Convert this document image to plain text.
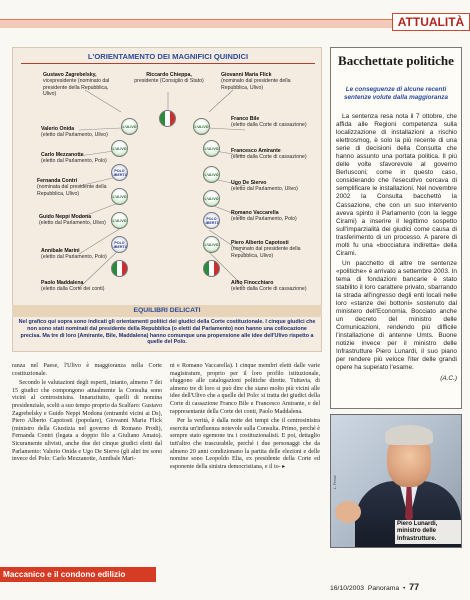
ATTUALITÀ
L'ORIENTAMENTO DEI MAGNIFICI QUINDICI
Gustavo Zagrebelsky,
vicepresidente (nominato dal presidente della Repubblica, Ulivo)
Riccardo Chieppa,
presidente (Consiglio di Stato)
Giovanni Maria Flick
(nominato dal presidente della Repubblica, Ulivo)
Valerio Onida
(eletto dal Parlamento, Ulivo)
Carlo Mezzanotte
(eletto dal Parlamento, Polo)
Fernanda Contri
(nominata dal presidente della Repubblica, Ulivo)
Guido Neppi Modona
(eletto dal Parlamento, Ulivo)
Annibale Marini
(eletto dal Parlamento, Polo)
Paolo Maddalena
(eletto dalla Corte dei conti)
Franco Bile
(eletto dalla Corte di cassazione)
Francesco Amirante
(eletto dalla Corte di cassazione)
Ugo De Siervo
(eletto dal Parlamento, Ulivo)
Romano Vaccarella
(eletto dal Parlamento, Polo)
Piero Alberto Capotosti
(nominato dal presidente della Repubblica, Ulivo)
Alfio Finocchiaro
(eletto dalla Corte di cassazione)
L'ULIVO	L'ULIVO
L'ULIVO	L'ULIVO
POLO LIBERTÀ	L'ULIVO
L'ULIVO	L'ULIVO
L'ULIVO	POLO LIBERTÀ
POLO LIBERTÀ	L'ULIVO
EQUILIBRI DELICATI
Nel grafico qui sopra sono indicati gli orientamenti politici dei giudici della Corte costituzionale. I cinque giudici che non sono stati nominati dal presidente della Repubblica (o eletti dal Parlamento) non hanno una collocazione precisa. Ma tre di loro (Amirante, Bile, Maddalena) hanno comunque una propensione alle idee dell'Ulivo rispetto a quelle del Polo.

ranza nel Paese, l'Ulivo è maggioranza nella Corte costituzionale.

Secondo le valutazioni degli esperti, intanto, almeno 7 dei 15 giudici che compongono attualmente la Consulta sono vicini al centrosinistra. Innanzitutto, quelli di nomina presidenziale, scelti a suo tempo proprio da Scalfaro: Gustavo Zagrebelsky e Guido Neppi Modona (entrambi vicini ai Ds), Piero Alberto Capotosti (popolare), Giovanni Maria Flick (ministro della Giustizia nel governo di Romano Prodi), Fernanda Contri (legata a doppio filo a Giuliano Amato). Sicuramente ulivisti, anche due dei cinque giudici eletti dal Parlamento: Valerio Onida e Ugo De Siervo (gli altri tre sono invece del Polo: Carlo Mezzanotte, Annibale Mari-

ni e Romano Vaccarella). I cinque membri eletti dalle varie magistrature, proprio per il loro profilo istituzionale, sfuggono alle catalogazioni politiche dirette. Tuttavia, di almeno tre di loro si può dire che siano molto più vicini alle idee dell'Ulivo che a quelle del Polo: si tratta dei giudici della Corte di cassazione Franco Bile e Francesco Amirante, e del rappresentante della Corte dei conti, Paolo Maddalena.

Per la verità, è dalla notte dei tempi che il centrosinistra esercita un'influenza notevole sulla Consulta. Primo, perché è sempre stato egemone tra i costituzionalisti. E poi, dettaglio tutt'altro che trascurabile, perché i due personaggi che da almeno 20 anni condizionano la partita delle elezioni e delle nomine sono Leopoldo Elia, ex presidente della Corte ed esponente della sinistra democristiana, e il to- ▸

Maccanico e il condono edilizio
Bacchettate politiche
Le conseguenze di alcune recenti sentenze volute dalla maggioranza

La sentenza resa nota il 7 ottobre, che affida alle Regioni competenza sulla localizzazione di installazioni a rischio elettrosmog, è solo la più recente di una serie di decisioni della Consulta che hanno assunto una portata politica. Il più delle volte sfavorevole al governo Berlusconi; come in questo caso, considerando che l'esecutivo cercava di semplificare le installazioni. Nel novembre 2002 la Consulta bacchettò la Cassazione, che con un suo intervento aveva spinto il Parlamento (con la legge Cirami) a inserire il legittimo sospetto sull'imparzialità dei giudici come causa di trasferimento di un processo. A parere di molti fu una «bocciatura indiretta» della Cirami.

Un pacchetto di altre tre sentenze «politiche» è arrivato a settembre 2003. In tema di fondazioni bancarie è stato stabilito il loro carattere privato, sbarrando la strada all'ingresso degli enti locali nelle loro «stanze dei bottoni» sostenuto dal ministero dell'Economia. Bocciato anche un decreto del ministro delle Comunicazioni, rendendo più difficile l'installazione di antenne Umts. Buone notizie invece per il ministro delle Infrastrutture Piero Lunardi, il suo piano per rendere più veloce l'iter delle grandi opere ha superato l'esame.

(A.C.)
L. Ferrari
Piero Lunardi, ministro delle Infrastrutture.
16/10/2003 Panorama • 77
